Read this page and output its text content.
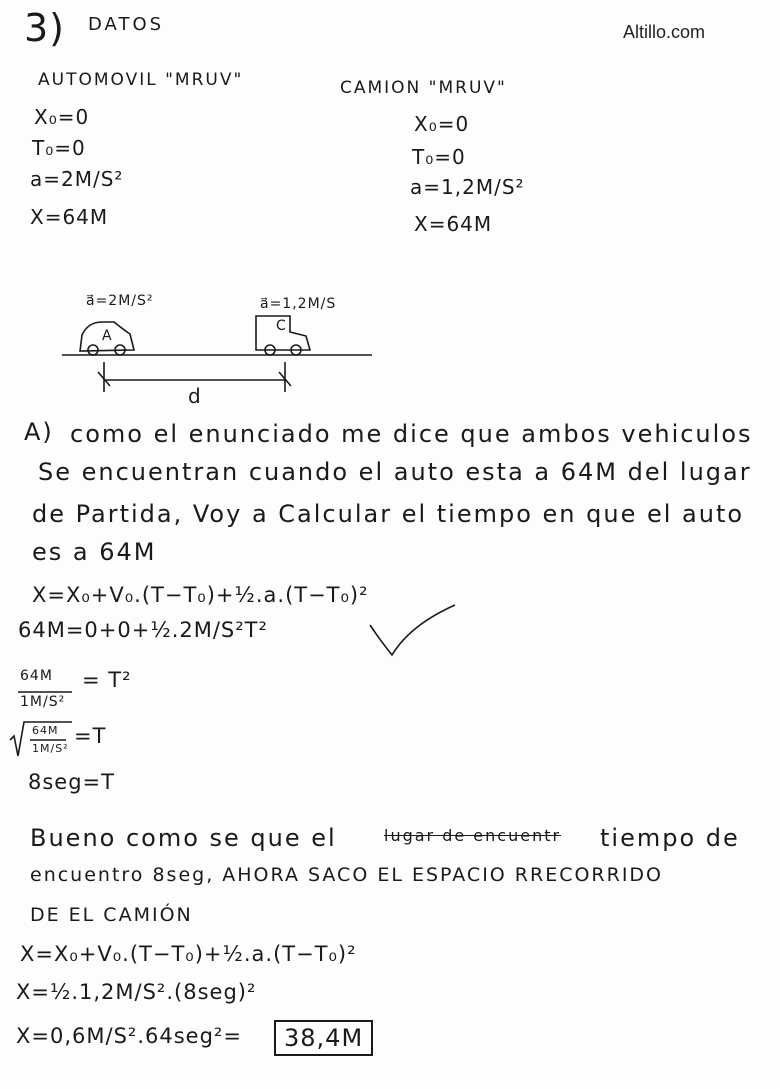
Altillo.com
3) DATOS
AUTOMOVIL "MRUV"
X₀=0
T₀=0
a=2M/S²
X=64M
CAMION "MRUV"
X₀=0
T₀=0
a=1,2M/S²
X=64M
a⃗=2M/S²	a⃗=1,2M/S
A
C
d
A) como el enunciado me dice que ambos vehiculos
Se encuentran cuando el auto esta a 64M del lugar
de Partida, Voy a Calcular el tiempo en que el auto
es a 64M
X=X₀+V₀.(T−T₀)+½.a.(T−T₀)²
64M=0+0+½.2M/S²T²
64M
1M/S²
= T²
64M
1M/S²
=T
8seg=T
Bueno como se que el	lugar de encuentr tiempo de
encuentro 8seg, AHORA SACO EL ESPACIO RRECORRIDO
DE EL CAMIÓN
X=X₀+V₀.(T−T₀)+½.a.(T−T₀)²
X=½.1,2M/S².(8seg)²
X=0,6M/S².64seg²=	38,4M
